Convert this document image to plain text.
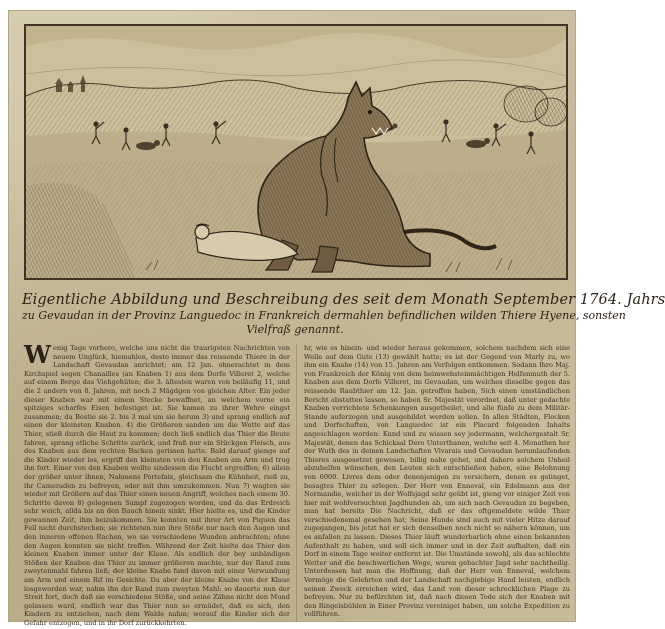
Eigentliche Abbildung und Beschreibung des seit dem Monath September 1764. Jahrs
zu Gevaudan in der Provinz Languedoc in Frankreich dermahlen befindlichen wilden Thiere Hyene, sonsten
Vielfraß genannt.

Wenig Tage vorhero, welche uns nicht die traurigsten Nachrichten von neuem Unglück, hiemahlen, desto immer das reissende Thiere in der Landschaft Gevaudan anrichtet; am 12 Jan. ohnerachtet in dem Kirchspiel sogen Chanailles (an Knaben 1) aus dem Dorfe Villeret 2, welche auf einem Berge das Viehgehüten; die 3. ältesten waren von beiläufig 11, und die 2 andern von 8. Jahren, mit noch 2 Mägdgen von gleichen Alter. Ein jeder dieser Knaben war mit einem Stecke bewaffnet, an welchem vorne ein spitziges scharfes Eisen befestiget ist. Sie kamen zu ihrer Wehre eingst zusammen; da Bestie sie 2. bis 3 mal um sie herum 3) und sprang endlich auf einen der kleinsten Knaben. 4) die Größeren sanden um die Wette auf das Thier, stieß durch die Haut zu kommen; doch ließ endlich das Thier die Beute fahren, sprang etliche Schritte zurück, und fraß nur ein Stückgen Fleisch, aus des Knaben aus dem rechten Backen gerissen hatte. Bald darauf gienge auf die Kinder wieder los, ergriff den kleinsten von den Knaben am Arm und trug ihn fort. Einer von den Knaben wollte sindessen die Flucht ergreiffen; 6) allein der größer unter ihnen, Nahmens Portefaix, gleichsam die Kühnheit, rieß zu, ihr Cameraden zu befreyen, oder mit ihm umzukommen. Nun 7) wagten sie wieder mit Größern auf das Thier einen neuen Angriff, welches nach einem 30. Schritte davon 8) gelegenen Sumpf zugezogen worden, und da das Erdreich sehr weich, allda bis an den Bauch hinein sinkt. Hier hielte es, und die Kinder gewannen Zeit, ihm beizukommen. Sie konnten mit ihrer Art von Piquen das Fell nicht durchstechen; sie richteten nun ihre Stöße nur nach den Augen und den inneren offenen Rachen, wo sie verschiedene Wunden anbrachten; ohne den Augen konnten sie nicht treffen. Während der Zeit hielte das Thier den kleinen Knaben immer unter der Klaue. Als endlich der bey unbändigen Stößen der Knaben das Thier zu immer größeren machte, nur der Rand zum zweytenmahl fahren ließ; der kleine Knabe fand davon mit einer Verwundung am Arm und einem Rif im Gesichte. Da aber der kleine Knabe von der Klaue losgeworden war, nahm ihn der Rand zum zweyten Mahl: so dauerte nun der Streit fort, doch daß sie verschiedene Stöße, und seine Zähne nicht den Mund gelassen ward, endlich war das Thier nun so ermüdet, daß es sich, den Kindern zu entziehen, nach dem Walde nahm; worauf die Kinder sich der Gefahr entzogen, und in ihr Dorf zurückkehrten.

hr, wie es hinein- und wieder heraus gekommen, solchem nachdem sich eine Welle auf dem Gute (13) gewählt hatte; es ist der Gegend von Marly zu, wo ihm ein Knabe (14) von 15. Jahren am Verfolgen entkommen. Sodann Ihro Maj. von Frankreich der König von dem heimwehsteinmächtigen Helfenmuth der 5. Knaben aus dem Dorfe Villeret, im Gevaudan, um welches dieselbe gegen das reissende Raubthier am 12. Jan. getroffen haben, Sich einen umständlichen Bericht abstatten lassen, so haben Sr. Majestät verordnet, daß unter gedachte Knaben verrichtete Schenkungen ausgetheilet, und alle fünfe zu dem Militär-Stande auferzogen und ausgebildet werden sollen. In allen Städten, Flecken und Dorfschaften, von Languedoc ist ein Placard folgenden Inhalts angeschlagen worden: Kund und zu wissen sey jedermann, welchergestalt Sr. Majestät, denen das Schicksal Dero Unterthanen, welche seit 4. Monathen her der Wuth des in deinen Landschaften Vivarais und Gevaudan herumlaufenden Thieres ausgesetzet gewesen, billig nahe gehet, und dahero solchem Unheil abzuhelfen wünschen, den Leuten sich entschließen haben, eine Belohnung von 6000. Livres dem oder denenjenigen zu versichern, denen es gelinget, besagtes Thier zu erlegen. Der Herr von Enneval, ein Edelmann aus der Normandie, welcher in der Wolfsjagd sehr geübt ist, gieng vor einiger Zeit von hier mit wohlversuchten Jagdhunden ab, um sich nach Gevaudan zu begeben, man hat bereits Die Nachricht, daß er das oftgemeldete wilde Thier verschiedenemal gesehen hat; Seine Hunde sind auch mit vieler Hitze darauf zugegangen, bis jetzt hat er sich denselben noch nicht so nähern können, um es anfallen zu lassen. Dieses Thier läuft wunderbarlich ohne einen bekannten Aufenthalt zu haben, und soll sich immer und in der Zeit aufhalten, daß ein Dorf in einem Tage weiter entfernt ist. Die Umstände sowohl, als das schlechte Wetter und die beschwerlichen Wege, waren gebachter Jagd sehr nachtheilig. Unterdessen hat man die Hoffnung, daß der Herr von Enneval, welchem Vermöge die Gelehrten und der Landschaft nachgiebige Hand leisten, endlich seinen Zweck erreichen wird, das Land von dieser schrecklichen Plage zu befreyen. Nur zu befürchten ist, daß nach diesen Tode sich der Knaben mit den Ringelsbühlen in Einer Provinz vereiniget haben, um solche Expedition zu vollführen.
